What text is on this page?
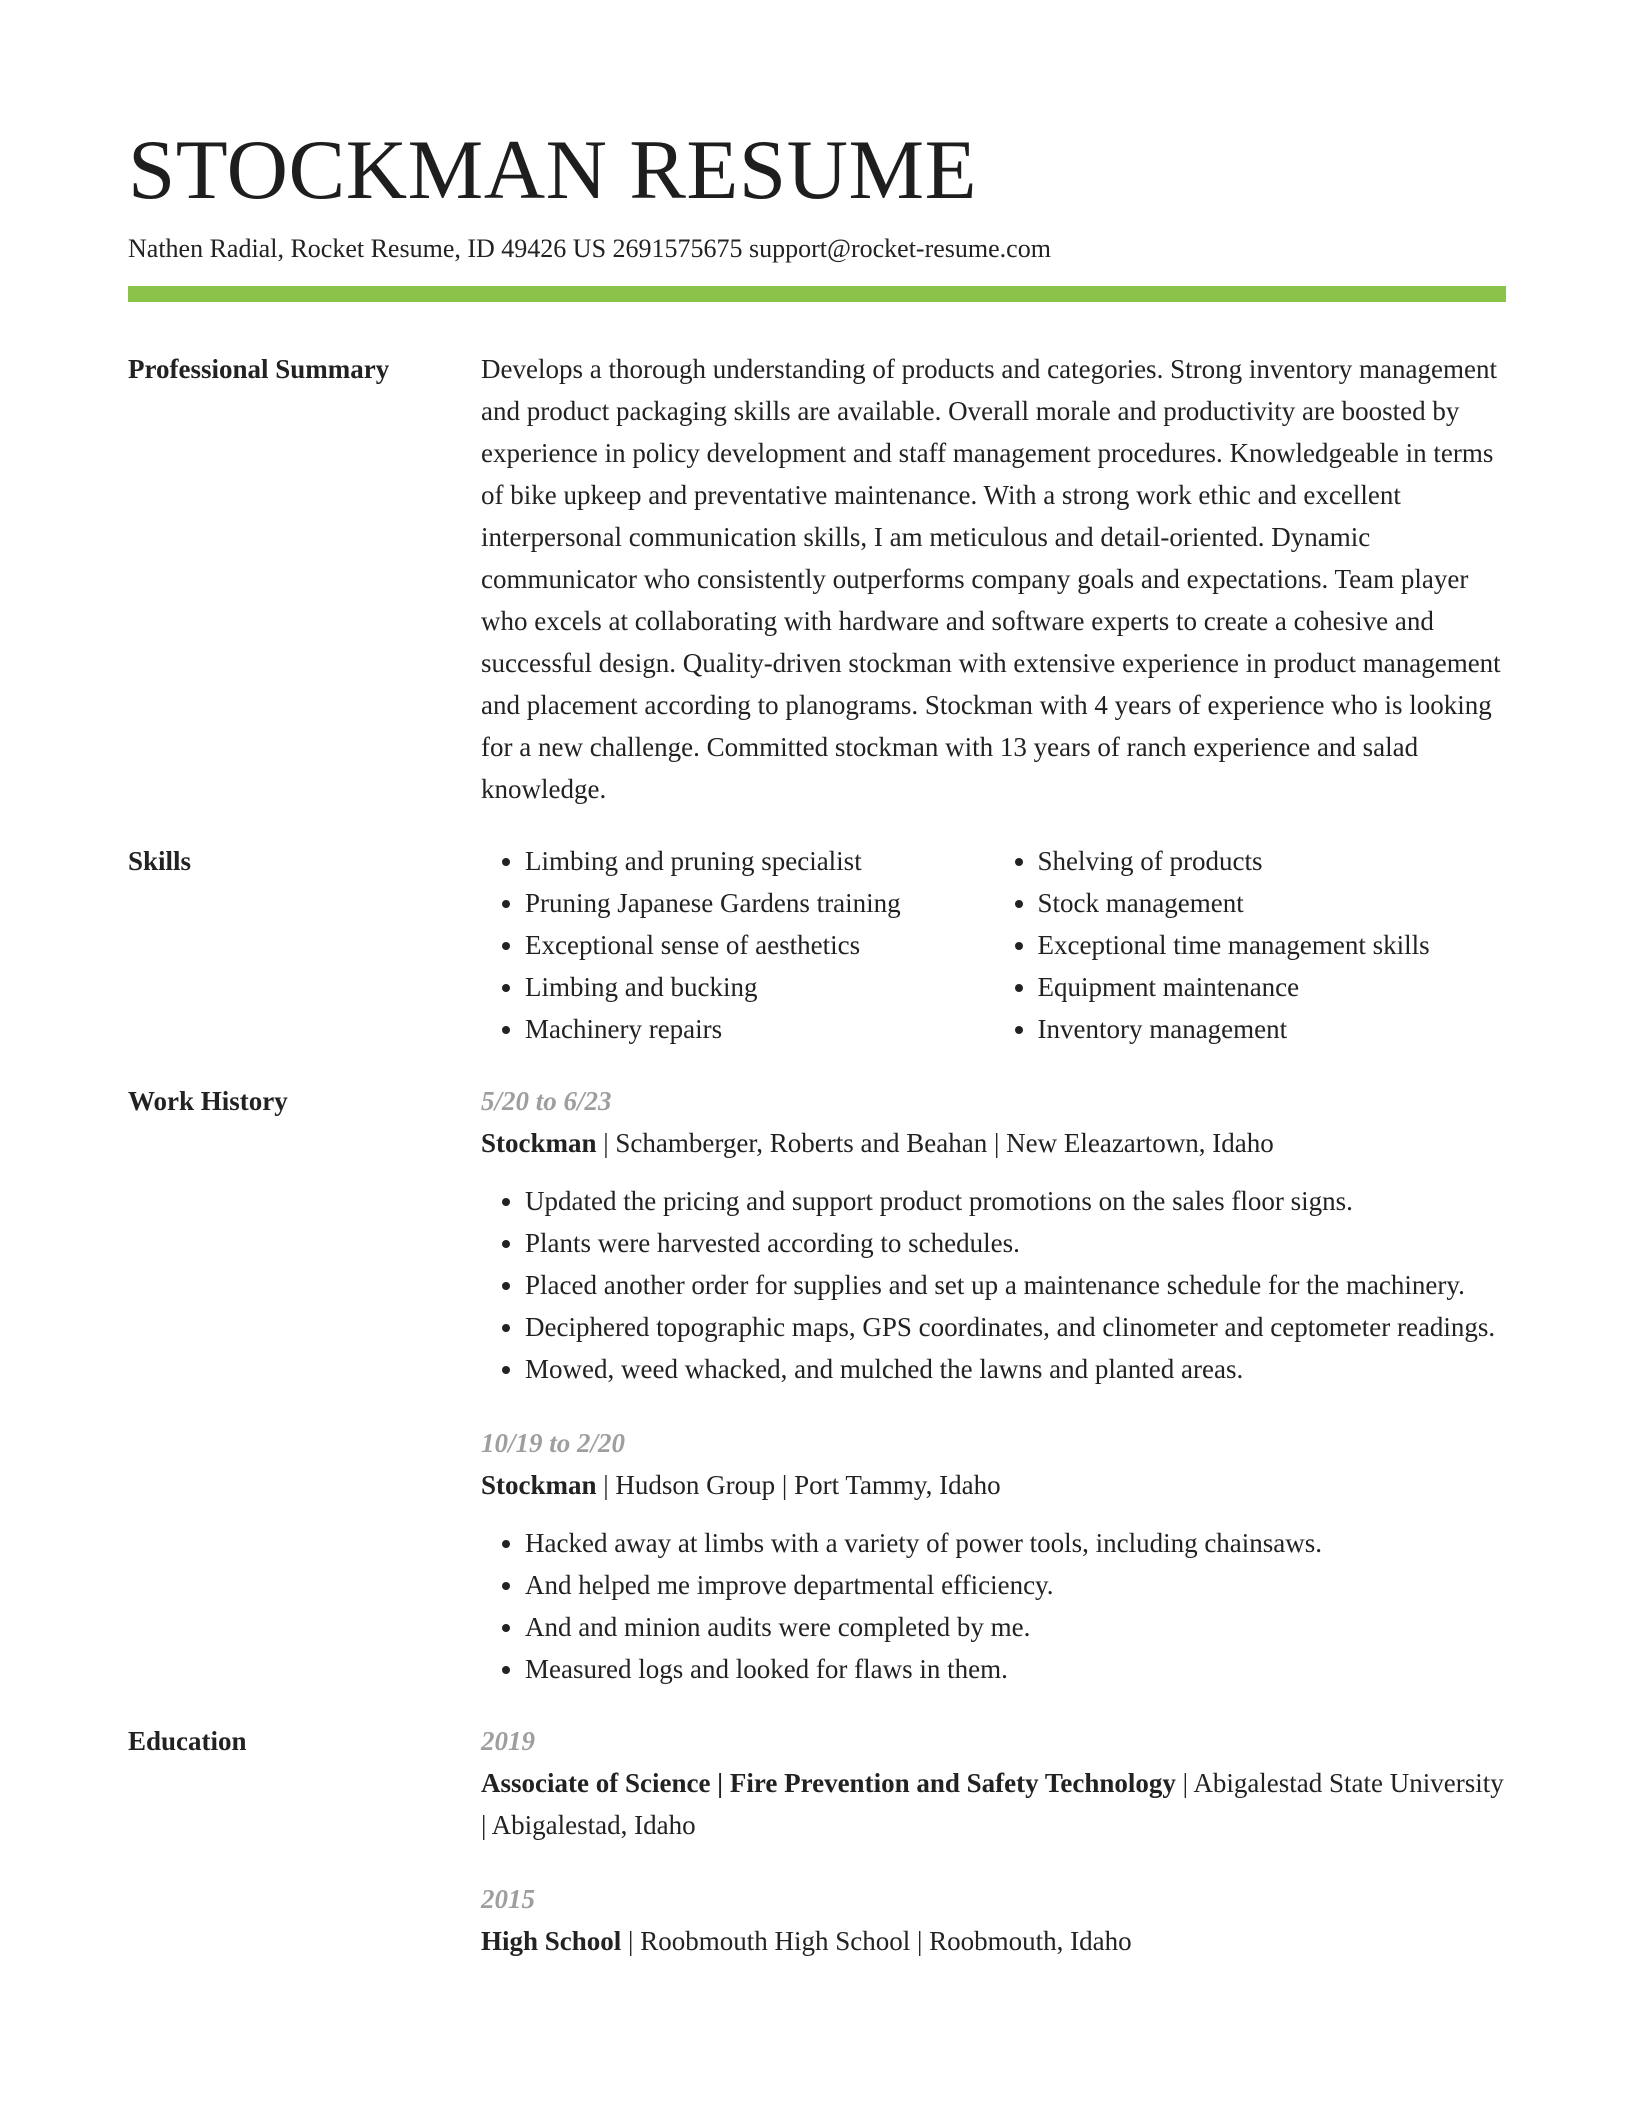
STOCKMAN RESUME
Nathen Radial, Rocket Resume, ID 49426 US 2691575675 support@rocket-resume.com
Professional Summary	Develops a thorough understanding of products and categories. Strong inventory management and product packaging skills are available. Overall morale and productivity are boosted by experience in policy development and staff management procedures. Knowledgeable in terms of bike upkeep and preventative maintenance. With a strong work ethic and excellent interpersonal communication skills, I am meticulous and detail-oriented. Dynamic communicator who consistently outperforms company goals and expectations. Team player who excels at collaborating with hardware and software experts to create a cohesive and successful design. Quality-driven stockman with extensive experience in product management and placement according to planograms. Stockman with 4 years of experience who is looking for a new challenge. Committed stockman with 13 years of ranch experience and salad knowledge.

Skills
•	Limbing and pruning specialist
• Pruning Japanese Gardens training
• Exceptional sense of aesthetics
• Limbing and bucking
• Machinery repairs
• Shelving of products
• Stock management
• Exceptional time management skills
• Equipment maintenance
• Inventory management
Work History	5/20 to 6/23
Stockman | Schamberger, Roberts and Beahan | New Eleazartown, Idaho
• Updated the pricing and support product promotions on the sales floor signs.
• Plants were harvested according to schedules.
• Placed another order for supplies and set up a maintenance schedule for the machinery.
• Deciphered topographic maps, GPS coordinates, and clinometer and ceptometer readings.
• Mowed, weed whacked, and mulched the lawns and planted areas.
10/19 to 2/20
Stockman | Hudson Group | Port Tammy, Idaho
• Hacked away at limbs with a variety of power tools, including chainsaws.
• And helped me improve departmental efficiency.
• And and minion audits were completed by me.
• Measured logs and looked for flaws in them.
Education	2019
Associate of Science | Fire Prevention and Safety Technology | Abigalestad State University | Abigalestad, Idaho
2015
High School | Roobmouth High School | Roobmouth, Idaho
